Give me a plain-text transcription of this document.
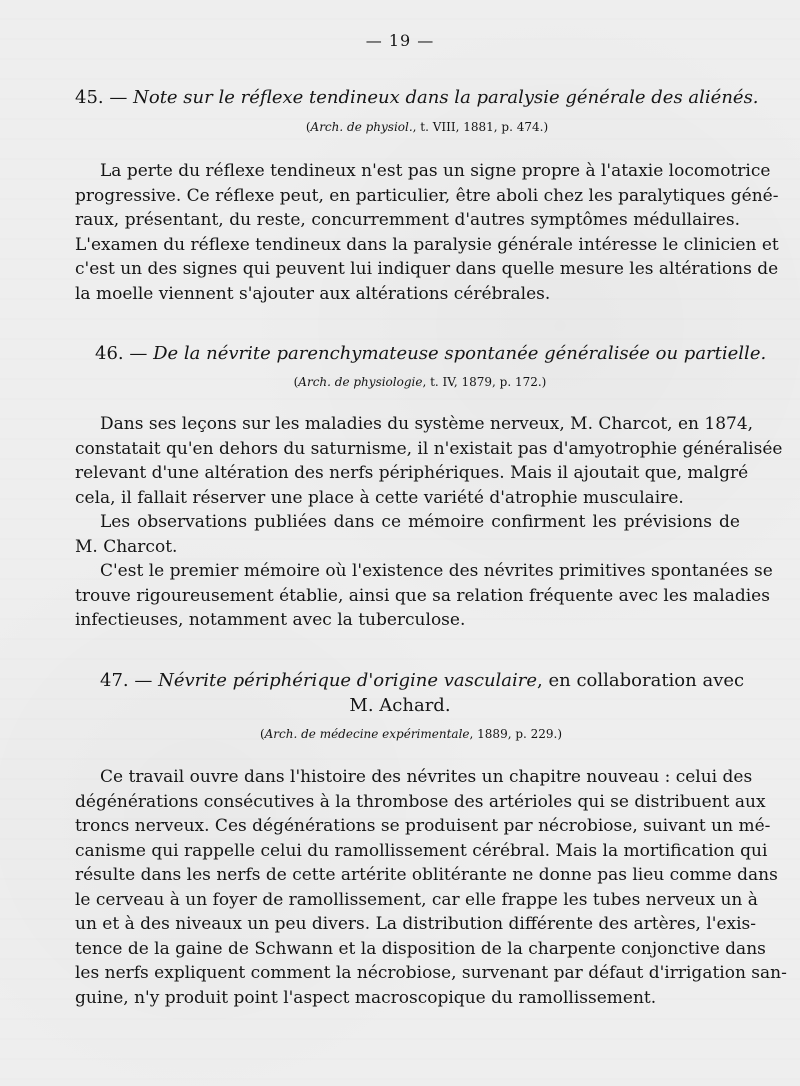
— 19 —
45. — Note sur le réflexe tendineux dans la paralysie générale des aliénés.
(Arch. de physiol., t. VIII, 1881, p. 474.)
La perte du réflexe tendineux n'est pas un signe propre à l'ataxie locomotrice
progressive. Ce réflexe peut, en particulier, être aboli chez les paralytiques géné-
raux, présentant, du reste, concurremment d'autres symptômes médullaires.
L'examen du réflexe tendineux dans la paralysie générale intéresse le clinicien et
c'est un des signes qui peuvent lui indiquer dans quelle mesure les altérations de
la moelle viennent s'ajouter aux altérations cérébrales.
46. — De la névrite parenchymateuse spontanée généralisée ou partielle.
(Arch. de physiologie, t. IV, 1879, p. 172.)
Dans ses leçons sur les maladies du système nerveux, M. Charcot, en 1874,
constatait qu'en dehors du saturnisme, il n'existait pas d'amyotrophie généralisée
relevant d'une altération des nerfs périphériques. Mais il ajoutait que, malgré
cela, il fallait réserver une place à cette variété d'atrophie musculaire.
Les observations publiées dans ce mémoire confirment les prévisions de
M. Charcot.
C'est le premier mémoire où l'existence des névrites primitives spontanées se
trouve rigoureusement établie, ainsi que sa relation fréquente avec les maladies
infectieuses, notamment avec la tuberculose.
47. — Névrite périphérique d'origine vasculaire, en collaboration avec
M. Achard.
(Arch. de médecine expérimentale, 1889, p. 229.)
Ce travail ouvre dans l'histoire des névrites un chapitre nouveau : celui des
dégénérations consécutives à la thrombose des artérioles qui se distribuent aux
troncs nerveux. Ces dégénérations se produisent par nécrobiose, suivant un mé-
canisme qui rappelle celui du ramollissement cérébral. Mais la mortification qui
résulte dans les nerfs de cette artérite oblitérante ne donne pas lieu comme dans
le cerveau à un foyer de ramollissement, car elle frappe les tubes nerveux un à
un et à des niveaux un peu divers. La distribution différente des artères, l'exis-
tence de la gaine de Schwann et la disposition de la charpente conjonctive dans
les nerfs expliquent comment la nécrobiose, survenant par défaut d'irrigation san-
guine, n'y produit point l'aspect macroscopique du ramollissement.
